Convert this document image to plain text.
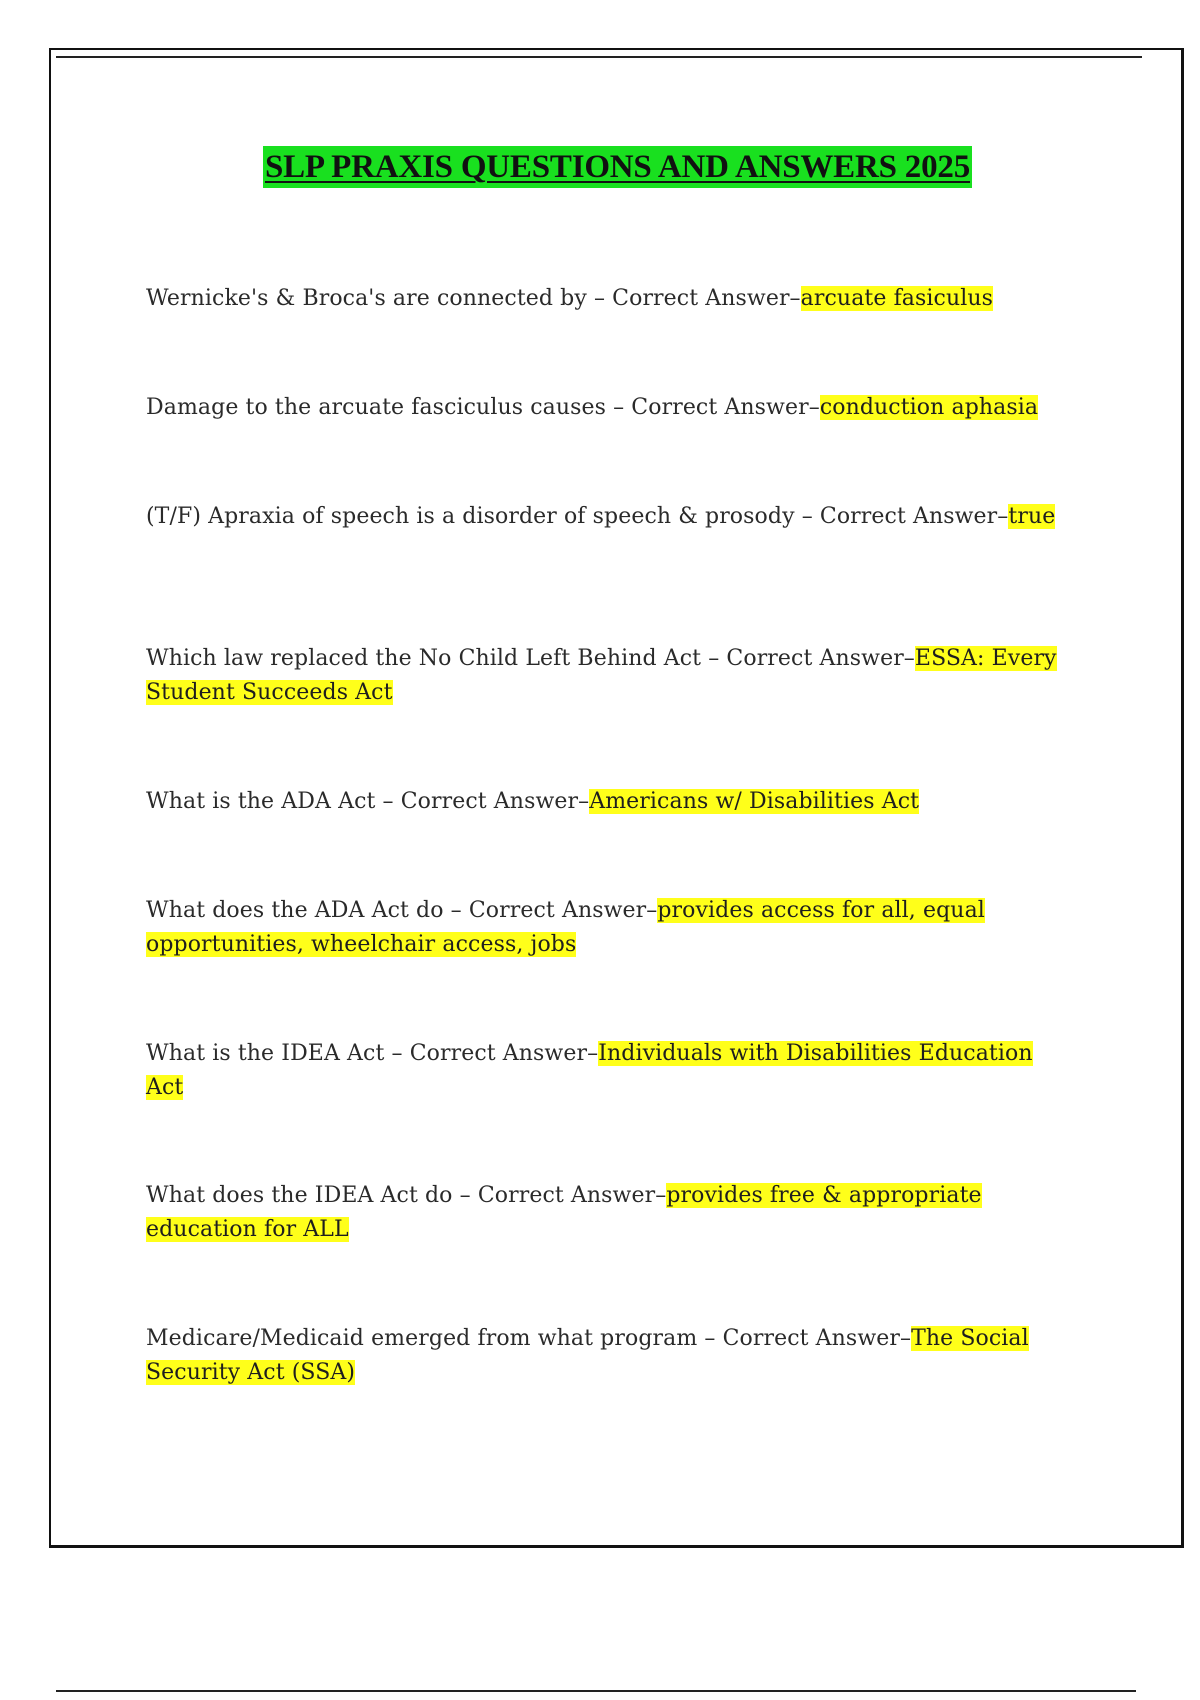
SLP PRAXIS QUESTIONS AND ANSWERS 2025
Wernicke's & Broca's are connected by – Correct Answer–arcuate fasiculus
Damage to the arcuate fasciculus causes – Correct Answer–conduction aphasia
(T/F) Apraxia of speech is a disorder of speech & prosody – Correct Answer–true
Which law replaced the No Child Left Behind Act – Correct Answer–ESSA: Every Student Succeeds Act
What is the ADA Act – Correct Answer–Americans w/ Disabilities Act
What does the ADA Act do – Correct Answer–provides access for all, equal opportunities, wheelchair access, jobs
What is the IDEA Act – Correct Answer–Individuals with Disabilities Education Act
What does the IDEA Act do – Correct Answer–provides free & appropriate education for ALL
Medicare/Medicaid emerged from what program – Correct Answer–The Social Security Act (SSA)
